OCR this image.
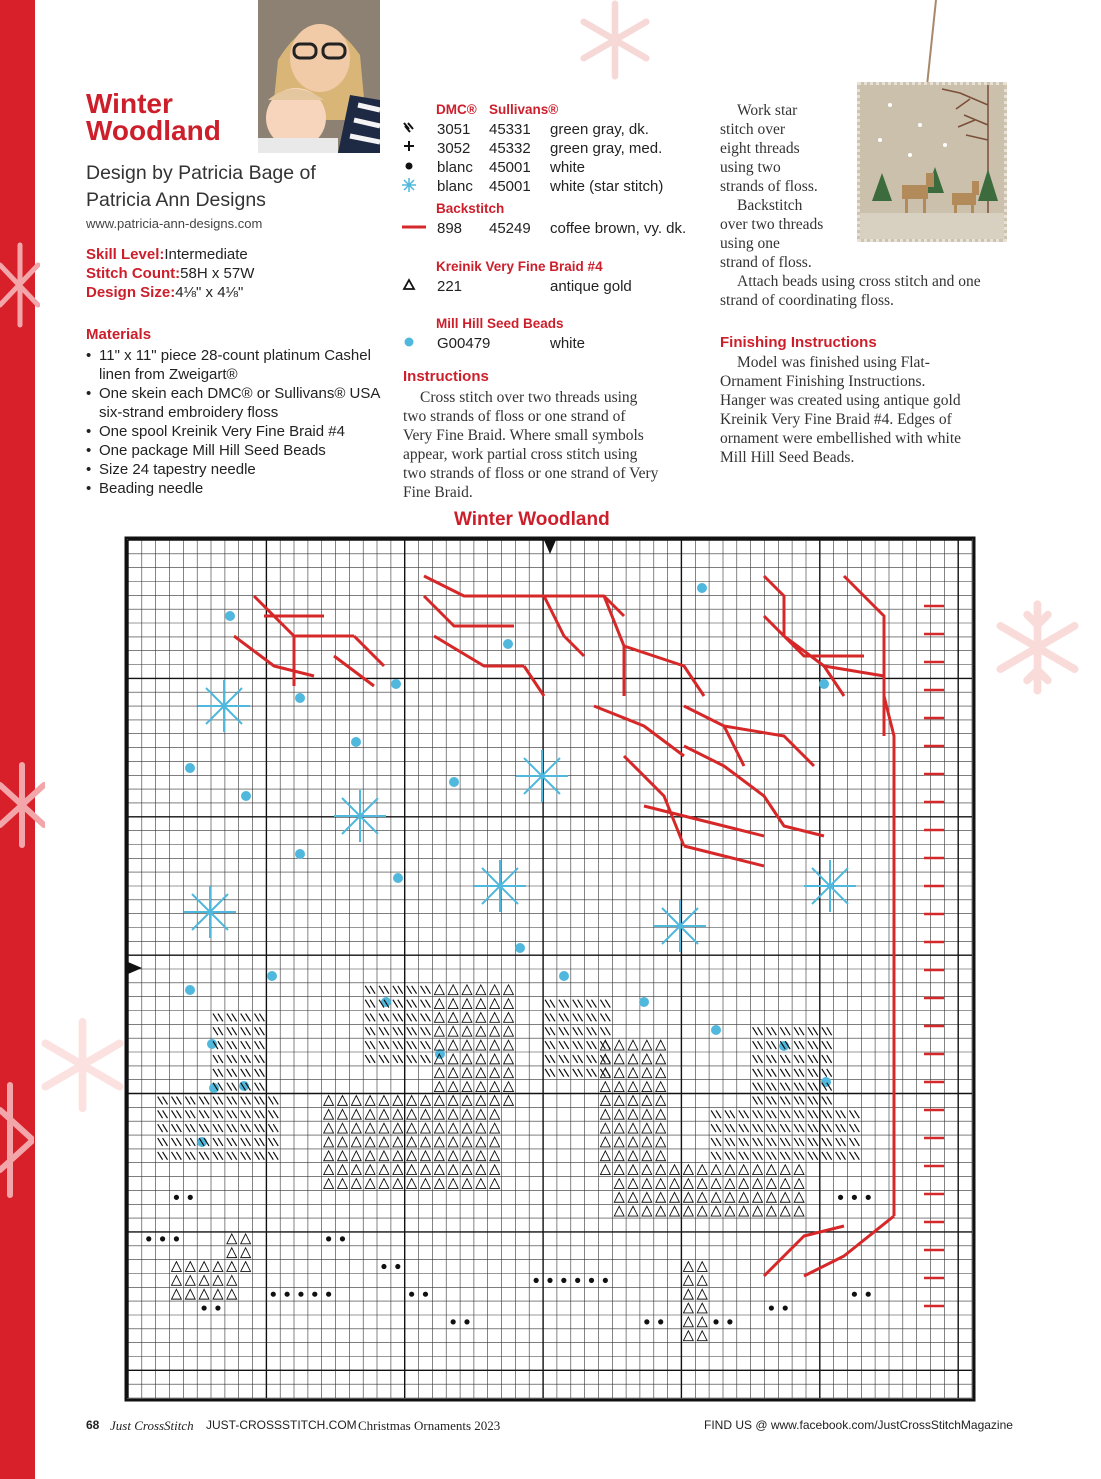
Winter
Woodland
Design by Patricia Bage of
Patricia Ann Designs
www.patricia-ann-designs.com
Skill Level:Intermediate
Stitch Count:58H x 57W
Design Size:4⅛" x 4⅛"
Materials
• 11" x 11" piece 28-count platinum Cashel linen from Zweigart®
• One skein each DMC® or Sullivans® USA six-strand embroidery floss
• One spool Kreinik Very Fine Braid #4
• One package Mill Hill Seed Beads
• Size 24 tapestry needle
• Beading needle
DMC® Sullivans®
3051 45331 green gray, dk.
3052 45332 green gray, med.
blanc 45001 white
blanc 45001 white (star stitch)
Backstitch
898 45249 coffee brown, vy. dk.
Kreinik Very Fine Braid #4
221	antique gold
Mill Hill Seed Beads
G00479	white
Instructions
Cross stitch over two threads using
two strands of floss or one strand of
Very Fine Braid. Where small symbols
appear, work partial cross stitch using
two strands of floss or one strand of Very
Fine Braid.
Work star
stitch over
eight threads
using two
strands of floss.
Backstitch
over two threads
using one
strand of floss.
Attach beads using cross stitch and one
strand of coordinating floss.
Finishing Instructions
Model was finished using Flat-
Ornament Finishing Instructions.
Hanger was created using antique gold
Kreinik Very Fine Braid #4. Edges of
ornament were embellished with white
Mill Hill Seed Beads.
Winter Woodland
68 Just CrossStitch JUST-CROSSSTITCH.COM Christmas Ornaments 2023	FIND US @ www.facebook.com/JustCrossStitchMagazine
